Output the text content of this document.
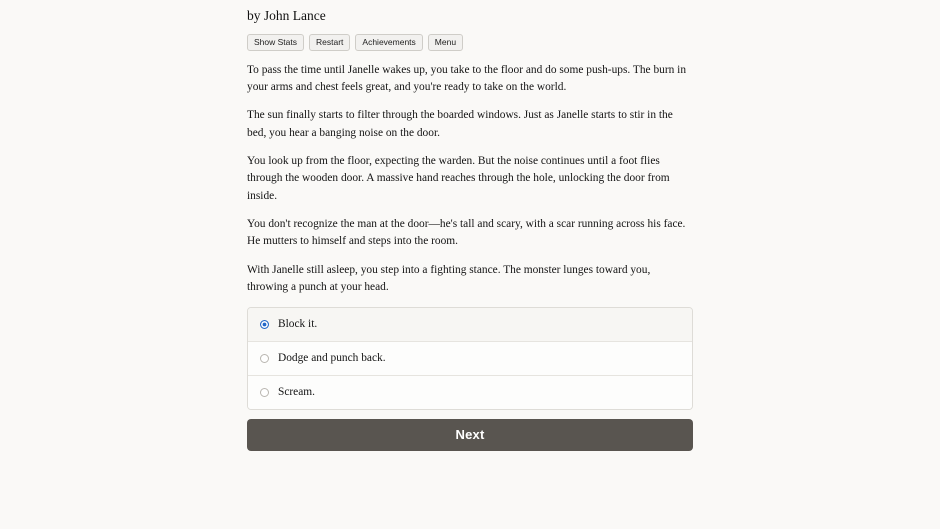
by John Lance
Show Stats	Restart	Achievements	Menu

To pass the time until Janelle wakes up, you take to the floor and do some push-ups. The burn in your arms and chest feels great, and you're ready to take on the world.

The sun finally starts to filter through the boarded windows. Just as Janelle starts to stir in the bed, you hear a banging noise on the door.

You look up from the floor, expecting the warden. But the noise continues until a foot flies through the wooden door. A massive hand reaches through the hole, unlocking the door from inside.

You don't recognize the man at the door—he's tall and scary, with a scar running across his face. He mutters to himself and steps into the room.

With Janelle still asleep, you step into a fighting stance. The monster lunges toward you, throwing a punch at your head.

Block it.
Dodge and punch back.
Scream.
Next
